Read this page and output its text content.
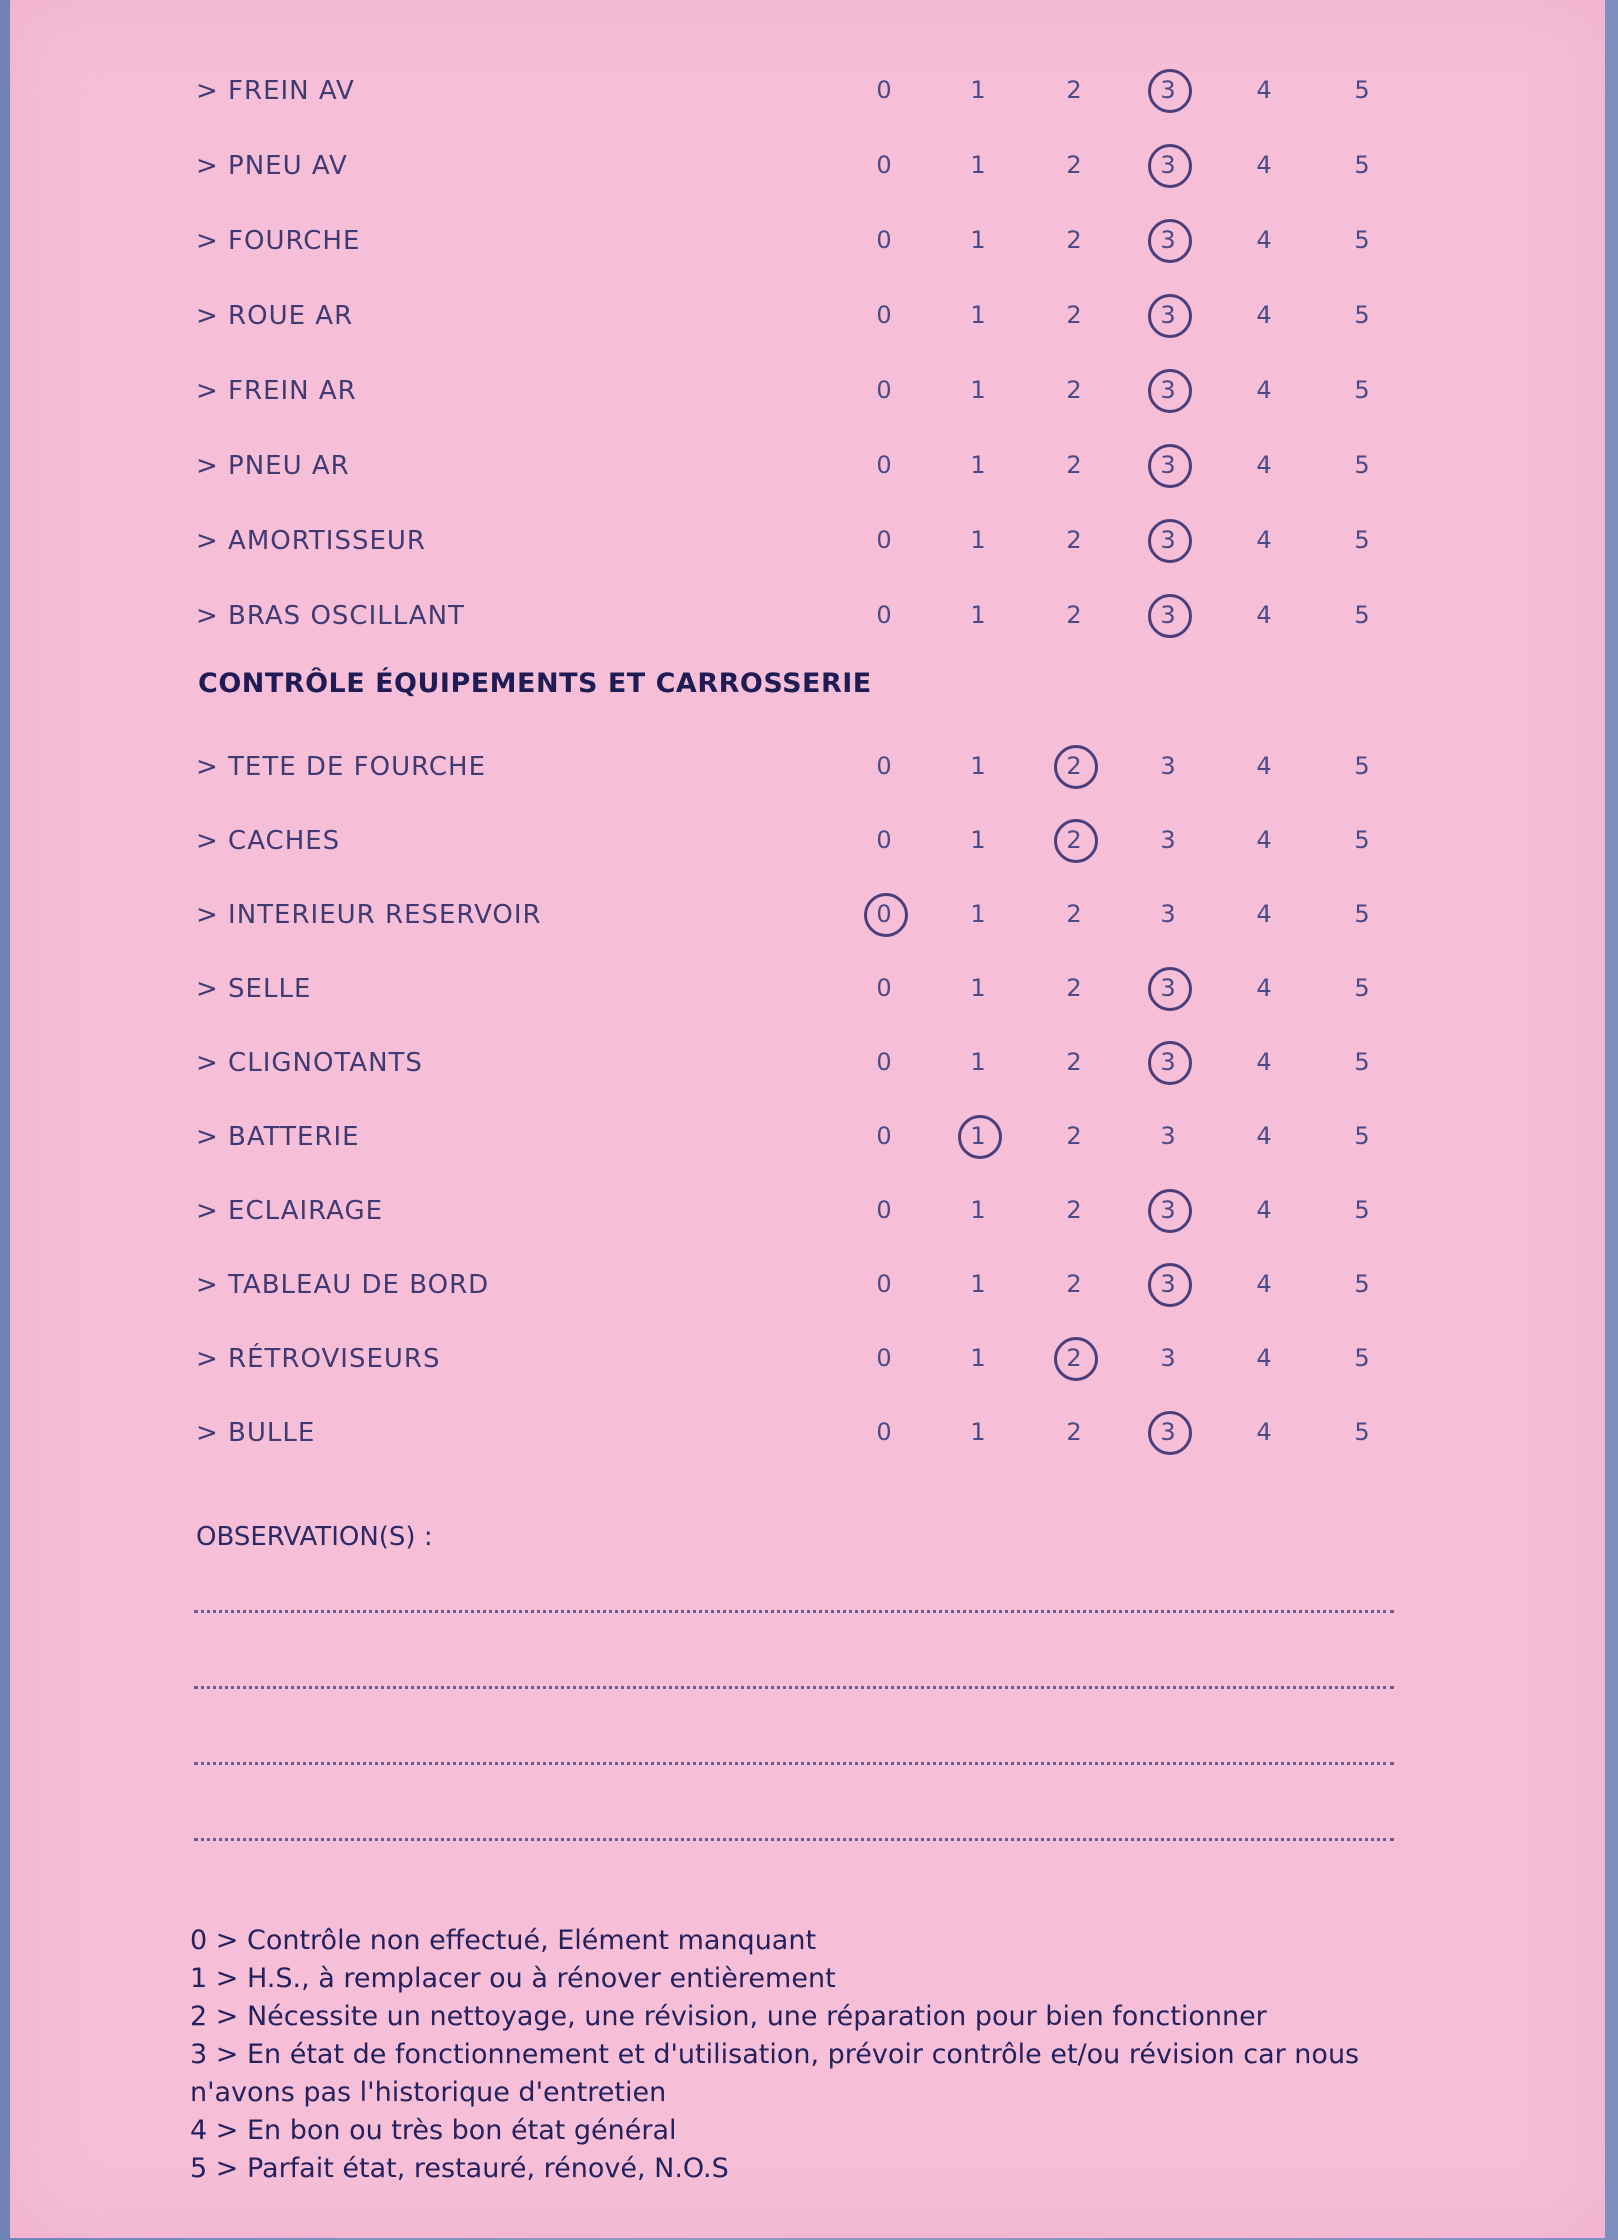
> FREIN AV	0	1	2	3	4	5
> PNEU AV	0	1	2	3	4	5
> FOURCHE	0	1	2	3	4	5
> ROUE AR	0	1	2	3	4	5
> FREIN AR	0	1	2	3	4	5
> PNEU AR	0	1	2	3	4	5
> AMORTISSEUR	0	1	2	3	4	5
> BRAS OSCILLANT	0	1	2	3	4	5
CONTRÔLE ÉQUIPEMENTS ET CARROSSERIE
> TETE DE FOURCHE	0	1	2	3	4	5
> CACHES	0	1	2	3	4	5
> INTERIEUR RESERVOIR	0	1	2	3	4	5
> SELLE	0	1	2	3	4	5
> CLIGNOTANTS	0	1	2	3	4	5
> BATTERIE	0	1	2	3	4	5
> ECLAIRAGE	0	1	2	3	4	5
> TABLEAU DE BORD	0	1	2	3	4	5
> RÉTROVISEURS	0	1	2	3	4	5
> BULLE	0	1	2	3	4	5
OBSERVATION(S) :
0 > Contrôle non effectué, Elément manquant
1 > H.S., à remplacer ou à rénover entièrement
2 > Nécessite un nettoyage, une révision, une réparation pour bien fonctionner
3 > En état de fonctionnement et d'utilisation, prévoir contrôle et/ou révision car nous n'avons pas l'historique d'entretien
4 > En bon ou très bon état général
5 > Parfait état, restauré, rénové, N.O.S
